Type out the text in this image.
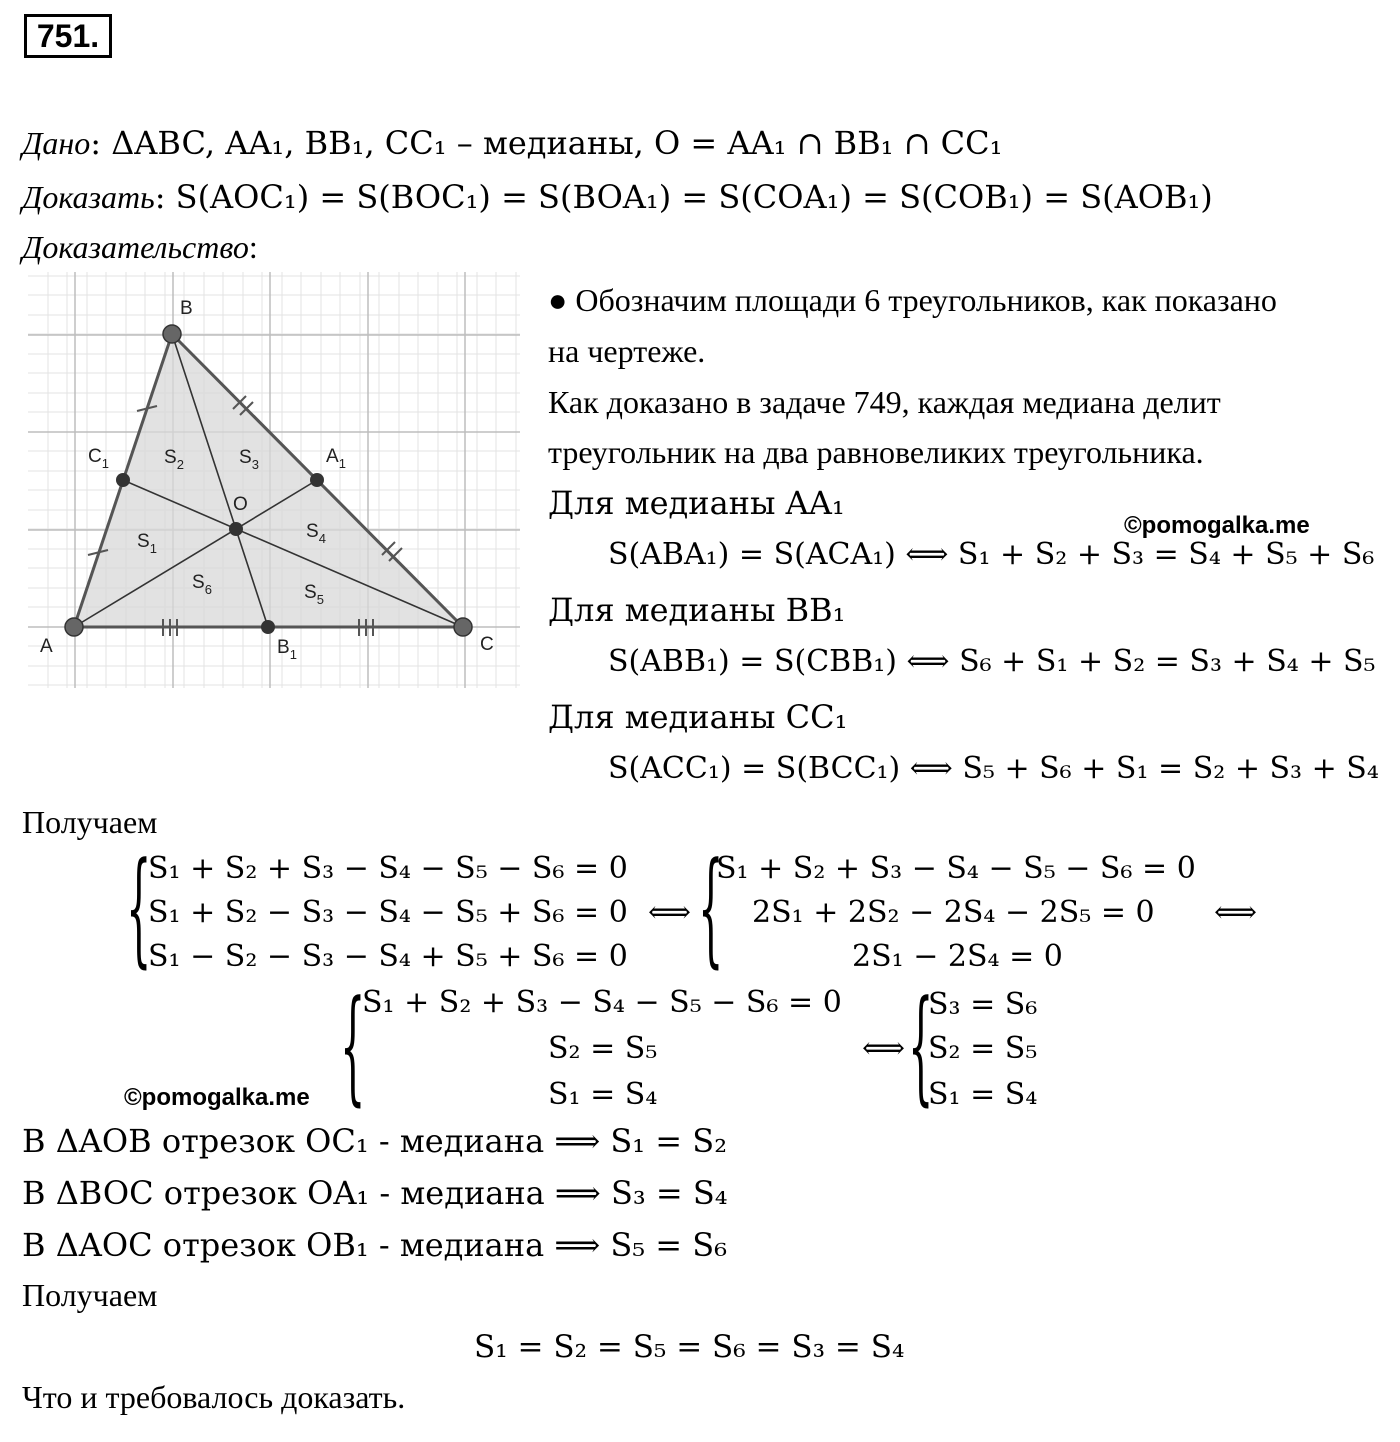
751.
Дано: ΔABC, AA₁, BB₁, CC₁ – медианы, O = AA₁ ∩ BB₁ ∩ CC₁
Доказать: S(AOC₁) = S(BOC₁) = S(BOA₁) = S(COA₁) = S(COB₁) = S(AOB₁)
Доказательство:
B
A	C
$C_1$	$A_1$
$B_1$
O
$S_1$
$S_2$	$S_3$
$S_4$
$S_5$
$S_6$
● Обозначим площади 6 треугольников, как показано
на чертеже.
Как доказано в задаче 749, каждая медиана делит
треугольник на два равновеликих треугольника.
Для медианы AA₁
©pomogalka.me
S(ABA₁) = S(ACA₁) ⟺ S₁ + S₂ + S₃ = S₄ + S₅ + S₆
Для медианы BB₁
S(ABB₁) = S(CBB₁) ⟺ S₆ + S₁ + S₂ = S₃ + S₄ + S₅
Для медианы CC₁
S(ACC₁) = S(BCC₁) ⟺ S₅ + S₆ + S₁ = S₂ + S₃ + S₄
Получаем
{
S₁ + S₂ + S₃ − S₄ − S₅ − S₆ = 0
S₁ + S₂ − S₃ − S₄ − S₅ + S₆ = 0
S₁ − S₂ − S₃ − S₄ + S₅ + S₆ = 0
⟺ {
S₁ + S₂ + S₃ − S₄ − S₅ − S₆ = 0
2S₁ + 2S₂ − 2S₄ − 2S₅ = 0
2S₁ − 2S₄ = 0
⟺
{
S₁ + S₂ + S₃ − S₄ − S₅ − S₆ = 0
S₂ = S₅
S₁ = S₄
©pomogalka.me
⟺ {
S₃ = S₆
S₂ = S₅
S₁ = S₄
В ΔAOB отрезок OC₁ - медиана ⟹ S₁ = S₂
В ΔBOC отрезок OA₁ - медиана ⟹ S₃ = S₄
В ΔAOC отрезок OB₁ - медиана ⟹ S₅ = S₆
Получаем
S₁ = S₂ = S₅ = S₆ = S₃ = S₄
Что и требовалось доказать.
